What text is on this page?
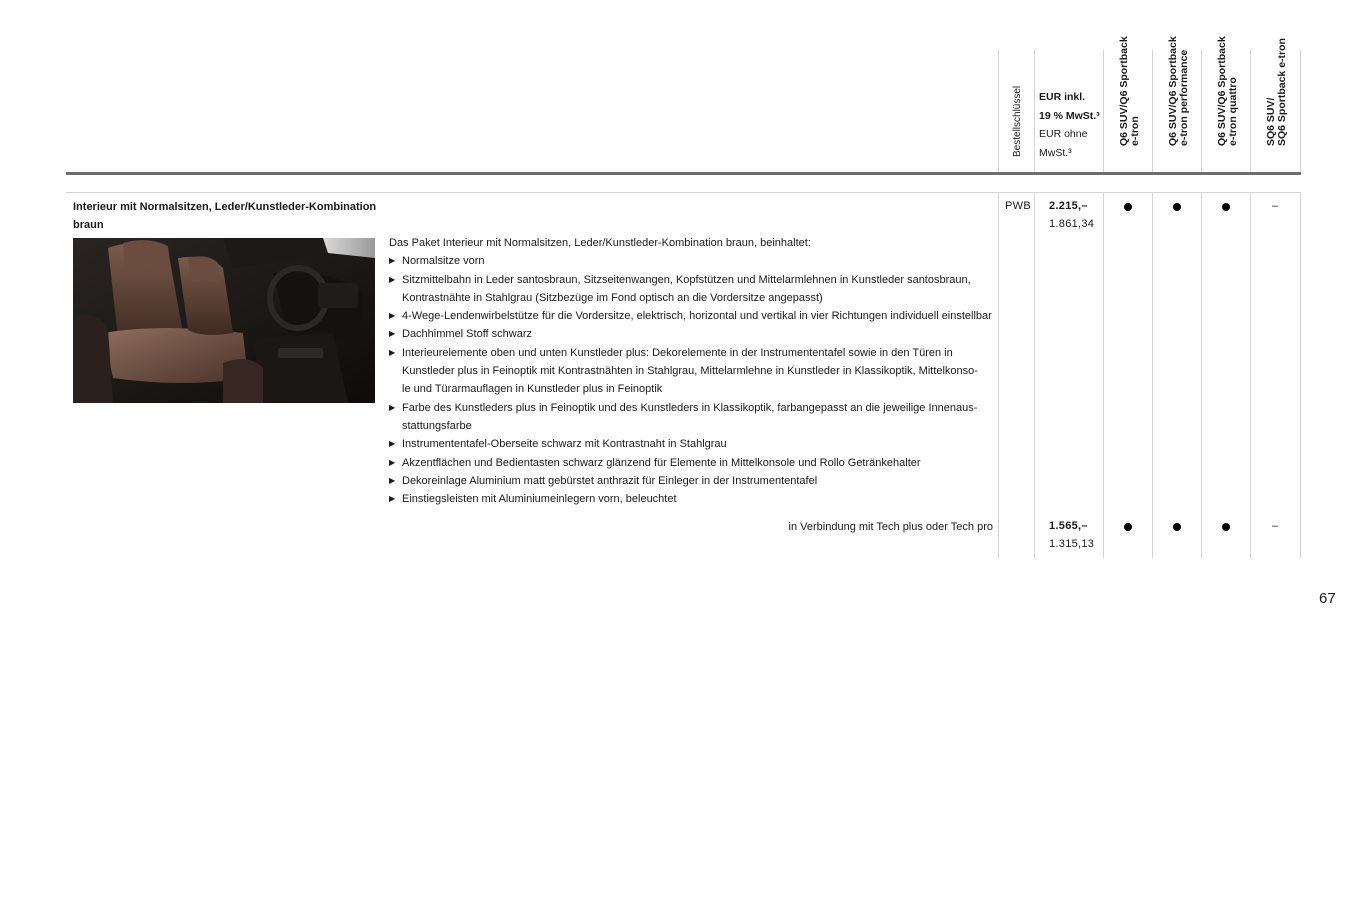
Bestellschlüssel EUR inkl.
19 % MwSt.³
EUR ohne
MwSt.³
Q6 SUV/Q6 Sportback e-tron Q6 SUV/Q6 Sportback e-tron performance Q6 SUV/Q6 Sportback e-tron quattro SQ6 SUV/ SQ6 Sportback e-tron
Interieur mit Normalsitzen, Leder/Kunstleder-Kombination
braun
Das Paket Interieur mit Normalsitzen, Leder/Kunstleder-Kombination braun, beinhaltet:
▶ Normalsitze vorn
▶ Sitzmittelbahn in Leder santosbraun, Sitzseitenwangen, Kopfstützen und Mittelarmlehnen in Kunstleder santosbraun,
Kontrastnähte in Stahlgrau (Sitzbezüge im Fond optisch an die Vordersitze angepasst)
▶ 4-Wege-Lendenwirbelstütze für die Vordersitze, elektrisch, horizontal und vertikal in vier Richtungen individuell einstellbar
▶ Dachhimmel Stoff schwarz
▶ Interieurelemente oben und unten Kunstleder plus: Dekorelemente in der Instrumententafel sowie in den Türen in
Kunstleder plus in Feinoptik mit Kontrastnähten in Stahlgrau, Mittelarmlehne in Kunstleder in Klassikoptik, Mittelkonso-
le und Türarmauflagen in Kunstleder plus in Feinoptik
▶ Farbe des Kunstleders plus in Feinoptik und des Kunstleders in Klassikoptik, farbangepasst an die jeweilige Innenaus-
stattungsfarbe
▶ Instrumententafel-Oberseite schwarz mit Kontrastnaht in Stahlgrau
▶ Akzentflächen und Bedientasten schwarz glänzend für Elemente in Mittelkonsole und Rollo Getränkehalter
▶ Dekoreinlage Aluminium matt gebürstet anthrazit für Einleger in der Instrumententafel
▶ Einstiegsleisten mit Aluminiumeinlegern vorn, beleuchtet
PWB 2.215,–
1.861,34
–
in Verbindung mit Tech plus oder Tech pro	1.565,–
1.315,13
–
67
